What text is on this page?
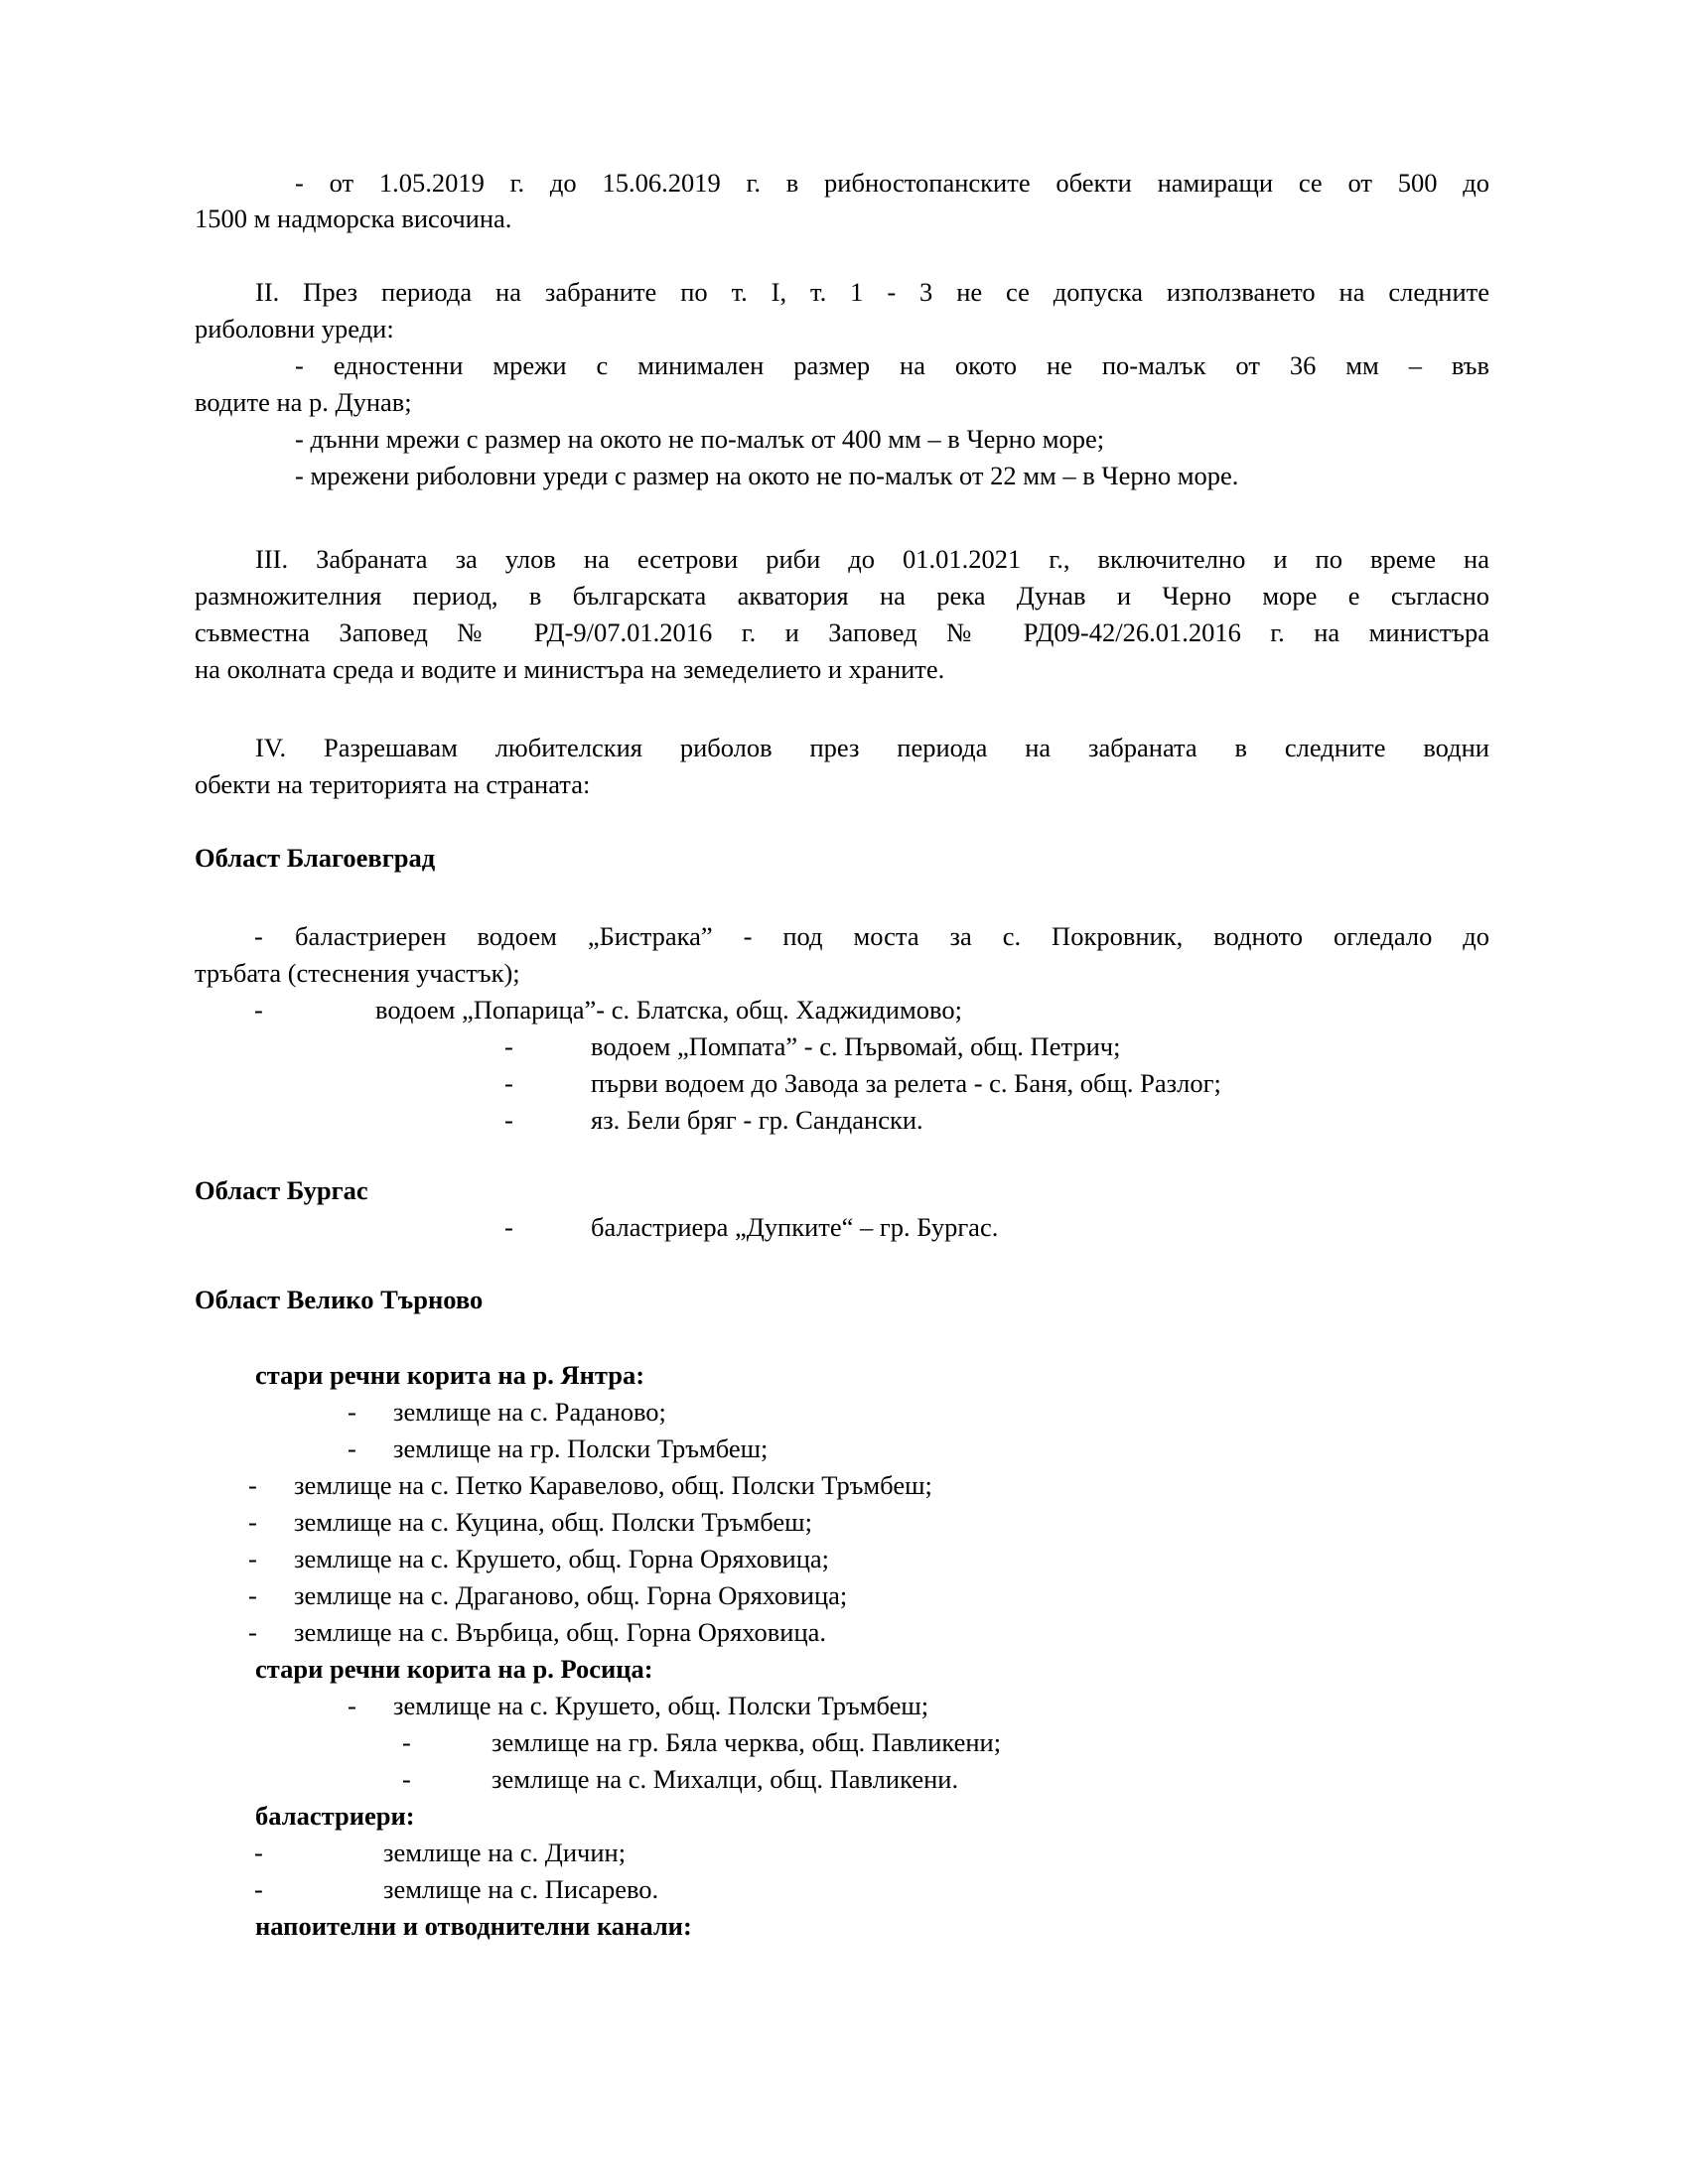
- от 1.05.2019 г. до 15.06.2019 г. в рибностопанските обекти намиращи се от 500 до
1500 м надморска височина.
II. През периода на забраните по т. I, т. 1 - 3 не се допуска използването на следните
риболовни уреди:
- едностенни мрежи с минимален размер на окото не по-малък от 36 мм – във
водите на р. Дунав;
- дънни мрежи с размер на окото не по-малък от 400 мм – в Черно море;
- мрежени риболовни уреди с размер на окото не по-малък от 22 мм – в Черно море.
III. Забраната за улов на есетрови риби до 01.01.2021 г., включително и по време на
размножителния период, в българската акватория на река Дунав и Черно море е съгласно
съвместна Заповед № РД-9/07.01.2016 г. и Заповед № РД09-42/26.01.2016 г. на министъра
на околната среда и водите и министъра на земеделието и храните.
IV. Разрешавам любителския риболов през периода на забраната в следните водни
обекти на територията на страната:
Област Благоевград
- баластриерен водоем „Бистрака” - под моста за с. Покровник, водното огледало до
тръбата (стеснения участък);
-	водоем „Попарица”- с. Блатска, общ. Хаджидимово;
-	водоем „Помпата” - с. Първомай, общ. Петрич;
-	първи водоем до Завода за релета - с. Баня, общ. Разлог;
-	яз. Бели бряг - гр. Сандански.
Област Бургас
-	баластриера „Дупките“ – гр. Бургас.
Област Велико Търново
стари речни корита на р. Янтра:
- землище на с. Раданово;
- землище на гр. Полски Тръмбеш;
- землище на с. Петко Каравелово, общ. Полски Тръмбеш;
- землище на с. Куцина, общ. Полски Тръмбеш;
- землище на с. Крушето, общ. Горна Оряховица;
- землище на с. Драганово, общ. Горна Оряховица;
- землище на с. Върбица, общ. Горна Оряховица.
стари речни корита на р. Росица:
- землище на с. Крушето, общ. Полски Тръмбеш;
-	землище на гр. Бяла черква, общ. Павликени;
-	землище на с. Михалци, общ. Павликени.
баластриери:
-	землище на с. Дичин;
-	землище на с. Писарево.
напоителни и отводнителни канали:
